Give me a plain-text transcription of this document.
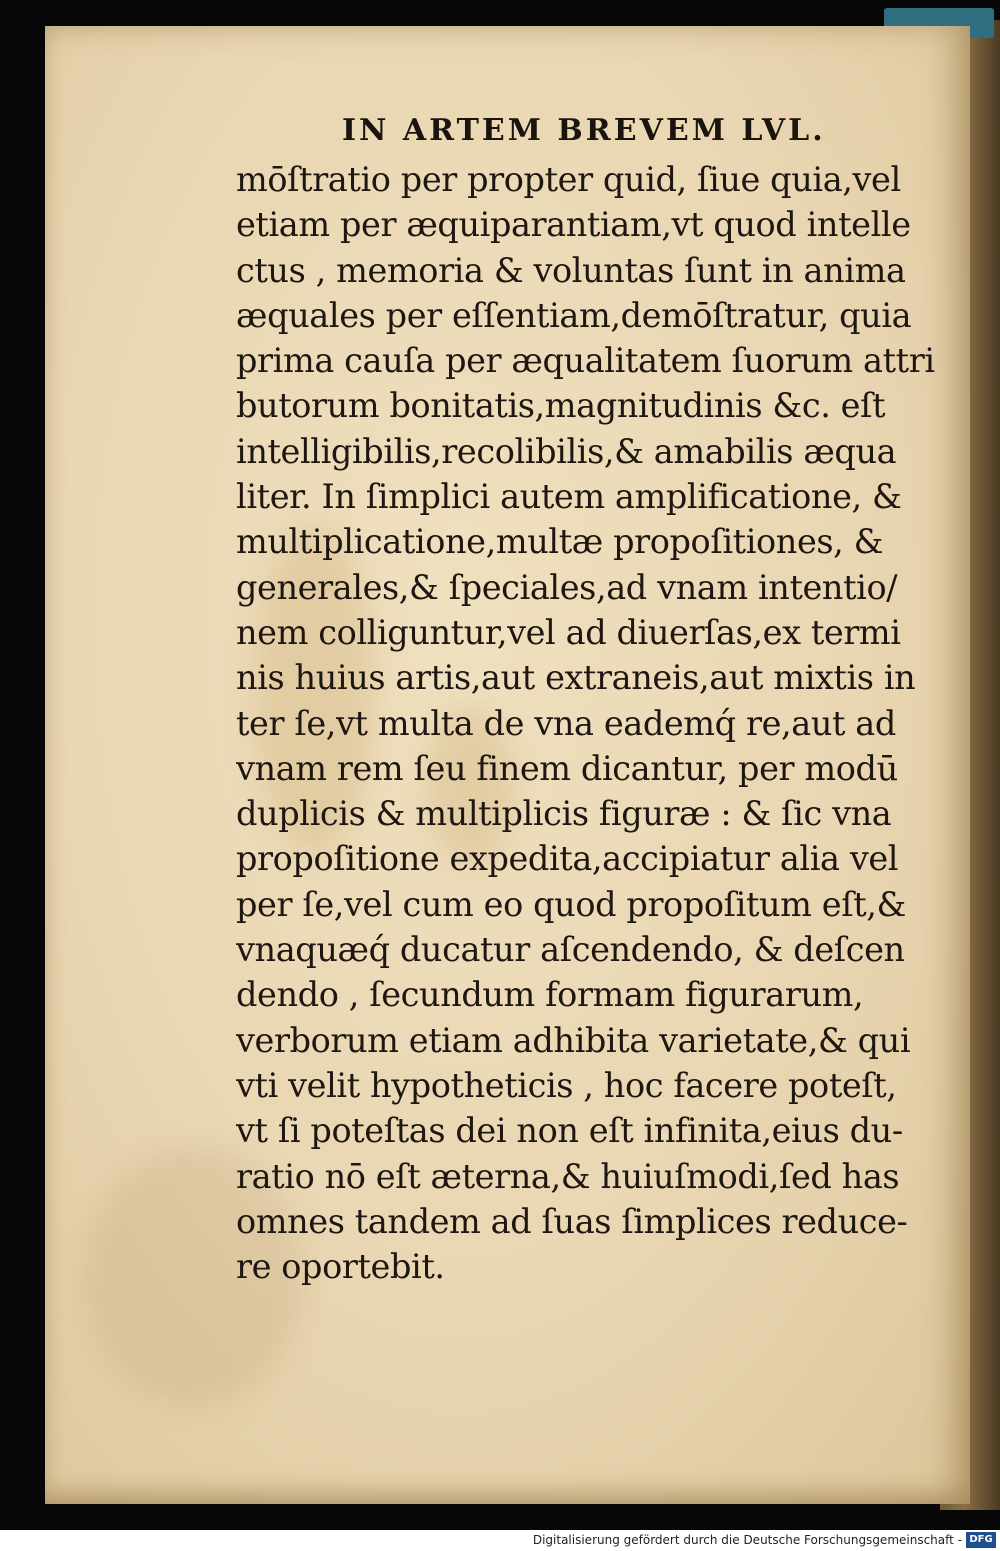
IN ARTEM BREVEM LVL.
mōſtratio per propter quid, ſiue quia,vel
etiam per æquiparantiam,vt quod intelle
ctus , memoria & voluntas ſunt in anima
æquales per eſſentiam,demōſtratur, quia
prima cauſa per æqualitatem ſuorum attri
butorum bonitatis,magnitudinis &c. eſt
intelligibilis,recolibilis,& amabilis æqua
liter. In ſimplici autem amplificatione, &
multiplicatione,multæ propoſitiones, &
generales,& ſpeciales,ad vnam intentio/
nem colliguntur,vel ad diuerſas,ex termi
nis huius artis,aut extraneis,aut mixtis in
ter ſe,vt multa de vna eademq́ re,aut ad
vnam rem ſeu finem dicantur, per modū
duplicis & multiplicis figuræ : & ſic vna
propoſitione expedita,accipiatur alia vel
per ſe,vel cum eo quod propoſitum eſt,&
vnaquæq́ ducatur aſcendendo, & deſcen
dendo , ſecundum formam figurarum,
verborum etiam adhibita varietate,& qui
vti velit hypotheticis , hoc facere poteſt,
vt ſi poteſtas dei non eſt infinita,eius du-
ratio nō eſt æterna,& huiuſmodi,ſed has
omnes tandem ad ſuas ſimplices reduce-
re oportebit.
Digitalisierung gefördert durch die Deutsche Forschungsgemeinschaft - DFG
